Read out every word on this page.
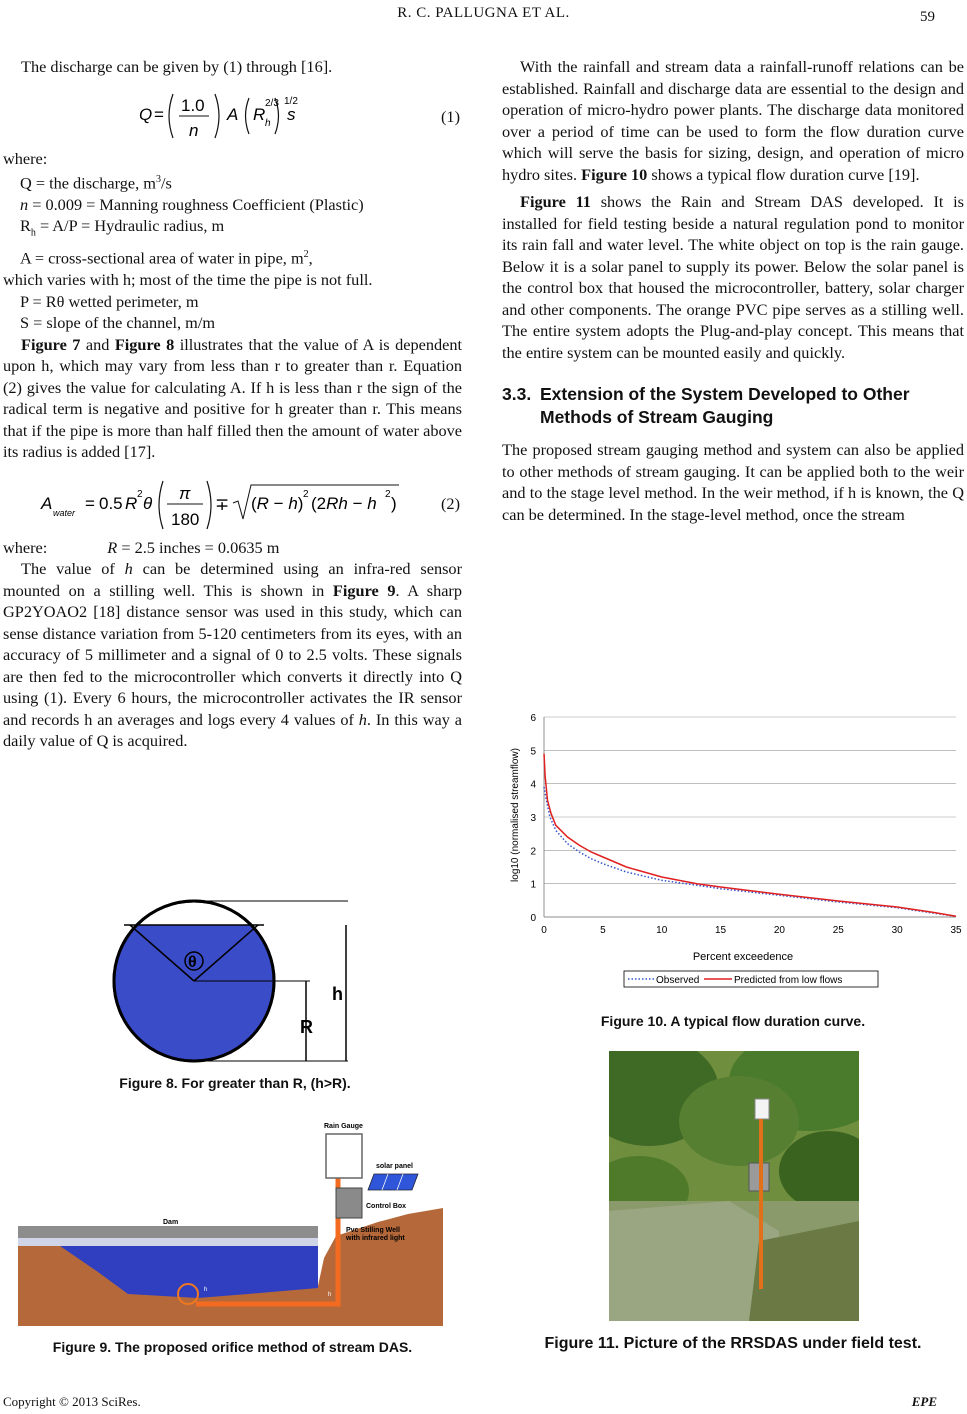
R. C. PALLUGNA ET AL.	59

The discharge can be given by (1) through [16].

Q = 1.0
n
A R h
2/3
s
1/2
(1)

where:

Q = the discharge, $m^3/s$

n = 0.009 = Manning roughness Coefficient (Plastic)

$R_h = A/P$ = Hydraulic radius, m

A = cross-sectional area of water in pipe, $m^2$,

which varies with h; most of the time the pipe is not full.

P = Rθ wetted perimeter, m

S = slope of the channel, m/m

Figure 7 and Figure 8 illustrates that the value of A is dependent upon h, which may vary from less than r to greater than r. Equation (2) gives the value for calculating A. If h is less than r the sign of the radical term is negative and positive for h greater than r. This means that if the pipe is more than half filled then the amount of water above its radius is added [17].

A water = 0.5 R 2 θ
π
180
∓ (R − h) 2 (2Rh − h 2 )	(2)

where:	R = 2.5 inches = 0.0635 m

The value of h can be determined using an infra-red sensor mounted on a stilling well. This is shown in Figure 9. A sharp GP2YOAO2 [18] distance sensor was used in this study, which can sense distance variation from 5-120 centimeters from its eyes, with an accuracy of 5 millimeter and a signal of 0 to 2.5 volts. These signals are then fed to the microcontroller which converts it directly into Q using (1). Every 6 hours, the microcontroller activates the IR sensor and records h an averages and logs every 4 values of h. In this way a daily value of Q is acquired.

θ
h
R
Figure 8. For greater than R, (h>R).
Dam
h
h
Rain Gauge
solar panel
Control Box
Pvc Stilling Well
with infrared light
Figure 9. The proposed orifice method of stream DAS.

With the rainfall and stream data a rainfall-runoff relations can be established. Rainfall and discharge data are essential to the design and operation of micro-hydro power plants. The discharge data monitored over a period of time can be used to form the flow duration curve which will serve the basis for sizing, design, and operation of micro hydro sites. Figure 10 shows a typical flow duration curve [19].

Figure 11 shows the Rain and Stream DAS developed. It is installed for field testing beside a natural regulation pond to monitor its rain fall and water level. The white object on top is the rain gauge. Below it is a solar panel to supply its power. Below the solar panel is the control box that housed the microcontroller, battery, solar charger and other components. The orange PVC pipe serves as a stilling well. The entire system adopts the Plug-and-play concept. This means that the entire system can be mounted easily and quickly.

3.3. Extension of the System Developed to Other
Methods of Stream Gauging

The proposed stream gauging method and system can also be applied to other methods of stream gauging. It can be applied both to the weir and to the stage level method. In the weir method, if h is known, the Q can be determined. In the stage-level method, once the stream

0
1
2
3
4
5
6
0	5	10	15	20	25	30	35
log10 (normalised streamflow)
Percent exceedence
Observed	Predicted from low flows
Figure 10. A typical flow duration curve.
Figure 11. Picture of the RRSDAS under field test.
Copyright © 2013 SciRes.	EPE
